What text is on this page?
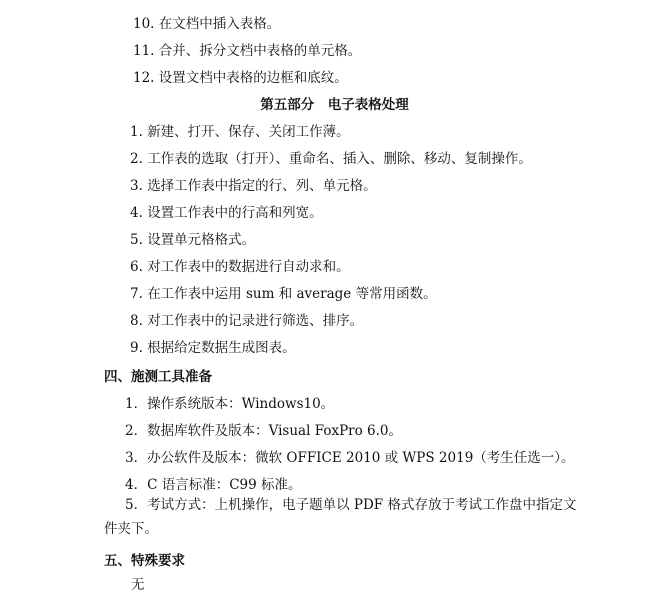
10. 在文档中插入表格。
11. 合并、拆分文档中表格的单元格。
12. 设置文档中表格的边框和底纹。
第五部分　电子表格处理
1. 新建、打开、保存、关闭工作薄。
2. 工作表的选取（打开）、重命名、插入、删除、移动、复制操作。
3. 选择工作表中指定的行、列、单元格。
4. 设置工作表中的行高和列宽。
5. 设置单元格格式。
6. 对工作表中的数据进行自动求和。
7. 在工作表中运用 sum 和 average 等常用函数。
8. 对工作表中的记录进行筛选、排序。
9. 根据给定数据生成图表。
四、施测工具准备
1．操作系统版本：Windows10。
2．数据库软件及版本：Visual FoxPro 6.0。
3．办公软件及版本：微软 OFFICE 2010 或 WPS 2019（考生任选一）。
4．C 语言标准：C99 标准。
5．考试方式：上机操作，电子题单以 PDF 格式存放于考试工作盘中指定文
件夹下。
五、特殊要求
无
